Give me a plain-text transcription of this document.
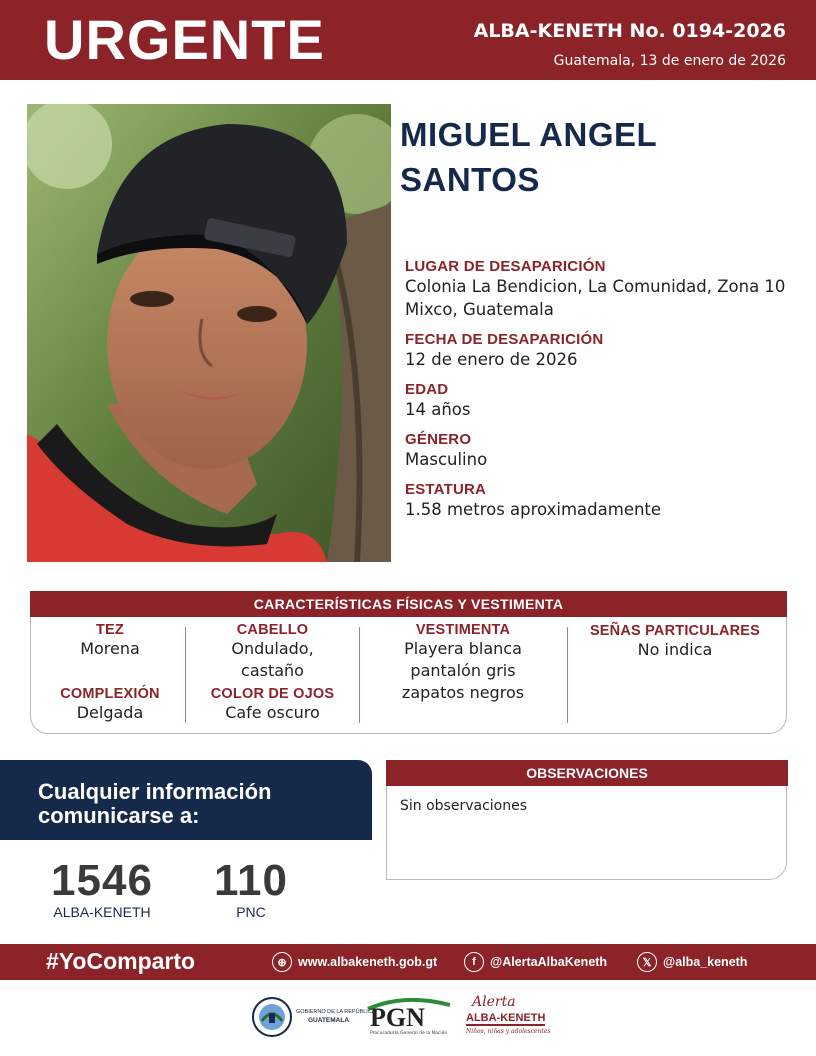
URGENTE	ALBA-KENETH No. 0194-2026
Guatemala, 13 de enero de 2026
MIGUEL ANGEL
SANTOS
LUGAR DE DESAPARICIÓN
Colonia La Bendicion, La Comunidad, Zona 10
Mixco, Guatemala
FECHA DE DESAPARICIÓN
12 de enero de 2026
EDAD
14 años
GÉNERO
Masculino
ESTATURA
1.58 metros aproximadamente
CARACTERÍSTICAS FÍSICAS Y VESTIMENTA
TEZ
Morena
COMPLEXIÓN
Delgada
CABELLO
Ondulado,
castaño
COLOR DE OJOS
Cafe oscuro
VESTIMENTA
Playera blanca
pantalón gris
zapatos negros
SEÑAS PARTICULARES
No indica
Cualquier información
comunicarse a:
1546
ALBA-KENETH
110
PNC
OBSERVACIONES
Sin observaciones
#YoComparto	⊕ www.albakeneth.gob.gt	f	@AlertaAlbaKeneth	𝕏 @alba_keneth
GOBIERNO DE LA REPÚBLICA
GUATEMALA PGN
Procuraduría General de la Nación
Alerta
ALBA-KENETH
Niños, niñas y adolescentes
